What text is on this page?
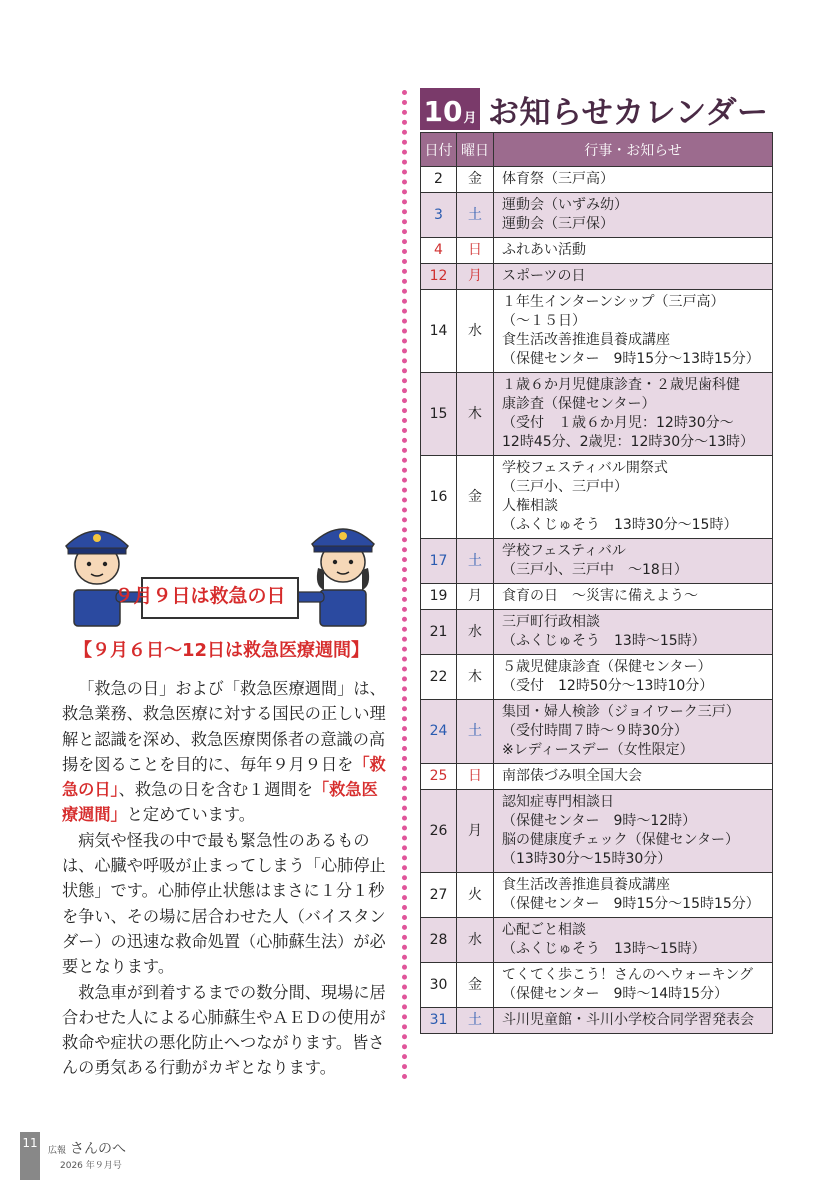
10 月 お知らせカレンダー
日付	曜日	行事・お知らせ
2	金	体育祭（三戸高）

3	土	運動会（いずみ幼）
運動会（三戸保）

4	日	ふれあい活動

12	月	スポーツの日

14	水	１年生インターンシップ（三戸高）
（～１５日）
食生活改善推進員養成講座
（保健センター　9時15分～13時15分）

15	木	１歳６か月児健康診査・２歳児歯科健
康診査（保健センター）
（受付　１歳６か月児：12時30分～
12時45分、2歳児：12時30分～13時）

16	金	学校フェスティバル開祭式
（三戸小、三戸中）
人権相談
（ふくじゅそう　13時30分～15時）

17	土	学校フェスティバル
（三戸小、三戸中　～18日）

19	月	食育の日　～災害に備えよう～

21	水	三戸町行政相談
（ふくじゅそう　13時～15時）

22	木	５歳児健康診査（保健センター）
（受付　12時50分～13時10分）

24	土	集団・婦人検診（ジョイワーク三戸）
（受付時間７時～９時30分）
※レディースデー（女性限定）

25	日	南部俵づみ唄全国大会

26	月	認知症専門相談日
（保健センター　9時～12時）
脳の健康度チェック（保健センター）
（13時30分～15時30分）

27	火	食生活改善推進員養成講座
（保健センター　9時15分～15時15分）

28	水	心配ごと相談
（ふくじゅそう　13時～15時）

30	金	てくてく歩こう！さんのへウォーキング
（保健センター　9時～14時15分）

31	土	斗川児童館・斗川小学校合同学習発表会
９月９日は救急の日
【９月６日～12日は救急医療週間】

「救急の日」および「救急医療週間」は、救急業務、救急医療に対する国民の正しい理解と認識を深め、救急医療関係者の意識の高揚を図ることを目的に、毎年９月９日を「救急の日」、救急の日を含む１週間を「救急医療週間」と定めています。

病気や怪我の中で最も緊急性のあるものは、心臓や呼吸が止まってしまう「心肺停止状態」です。心肺停止状態はまさに１分１秒を争い、その場に居合わせた人（バイスタンダー）の迅速な救命処置（心肺蘇生法）が必要となります。

救急車が到着するまでの数分間、現場に居合わせた人による心肺蘇生やＡＥＤの使用が救命や症状の悪化防止へつながります。皆さんの勇気ある行動がカギとなります。

11
広報 さんのへ
2026 年９月号
